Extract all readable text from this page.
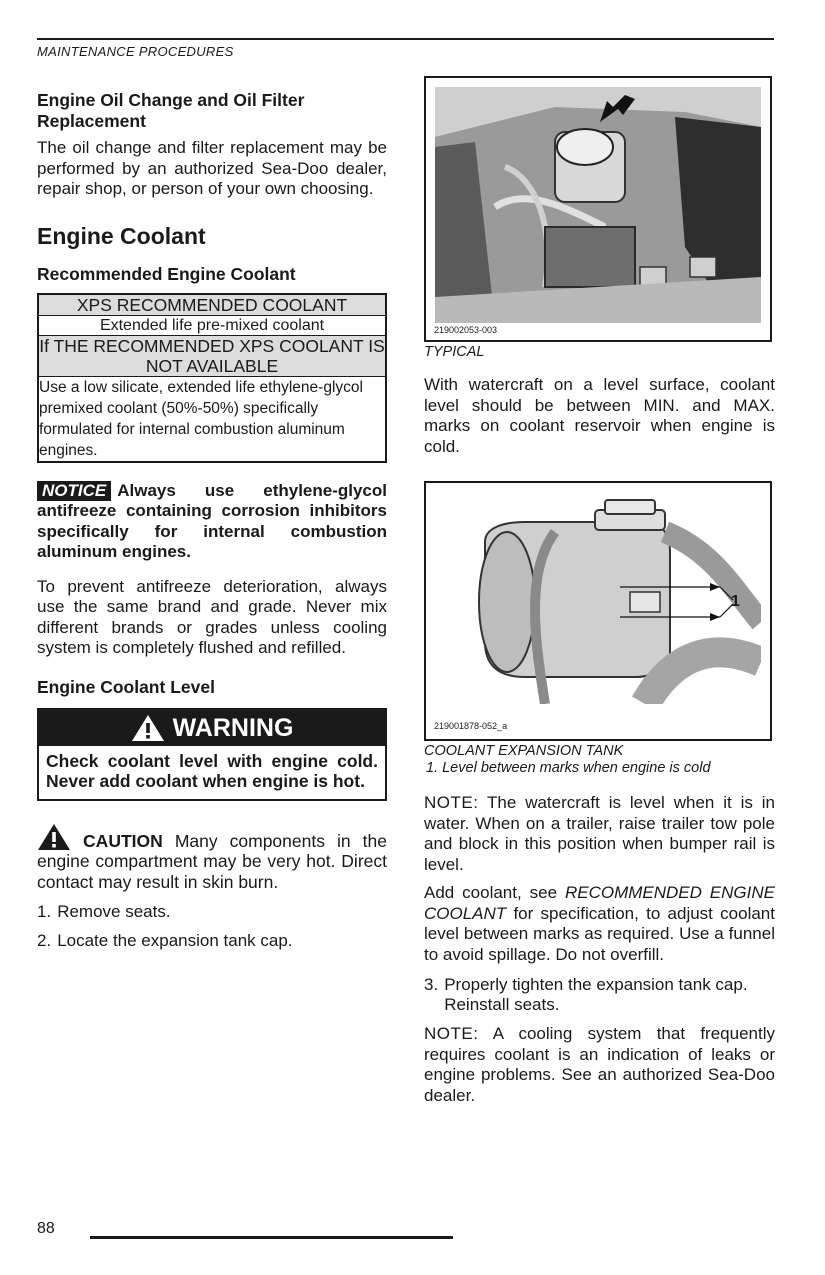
MAINTENANCE PROCEDURES
Engine Oil Change and Oil Filter Replacement

The oil change and filter replacement may be performed by an authorized Sea-Doo dealer, repair shop, or person of your own choosing.

Engine Coolant
Recommended Engine Coolant
XPS RECOMMENDED COOLANT
Extended life pre-mixed coolant
If THE RECOMMENDED XPS COOLANT IS NOT AVAILABLE
Use a low silicate, extended life ethylene-glycol premixed coolant (50%-50%) specifically formulated for internal combustion aluminum engines.
NOTICE Always use ethylene-glycol antifreeze containing corrosion inhibitors specifically for internal combustion aluminum engines.

To prevent antifreeze deterioration, always use the same brand and grade. Never mix different brands or grades unless cooling system is completely flushed and refilled.

Engine Coolant Level
WARNING
Check coolant level with engine cold. Never add coolant when engine is hot.
CAUTION Many components in the engine compartment may be very hot. Direct contact may result in skin burn.
1. Remove seats.
2. Locate the expansion tank cap.
219002053-003
TYPICAL

With watercraft on a level surface, coolant level should be between MIN. and MAX. marks on coolant reservoir when engine is cold.

1
219001878-052_a
COOLANT EXPANSION TANK
1. Level between marks when engine is cold

NOTE: The watercraft is level when it is in water. When on a trailer, raise trailer tow pole and block in this position when bumper rail is level.

Add coolant, see RECOMMENDED ENGINE COOLANT for specification, to adjust coolant level between marks as required. Use a funnel to avoid spillage. Do not overfill.

3. Properly tighten the expansion tank cap. Reinstall seats.

NOTE: A cooling system that frequently requires coolant is an indication of leaks or engine problems. See an authorized Sea-Doo dealer.

88
